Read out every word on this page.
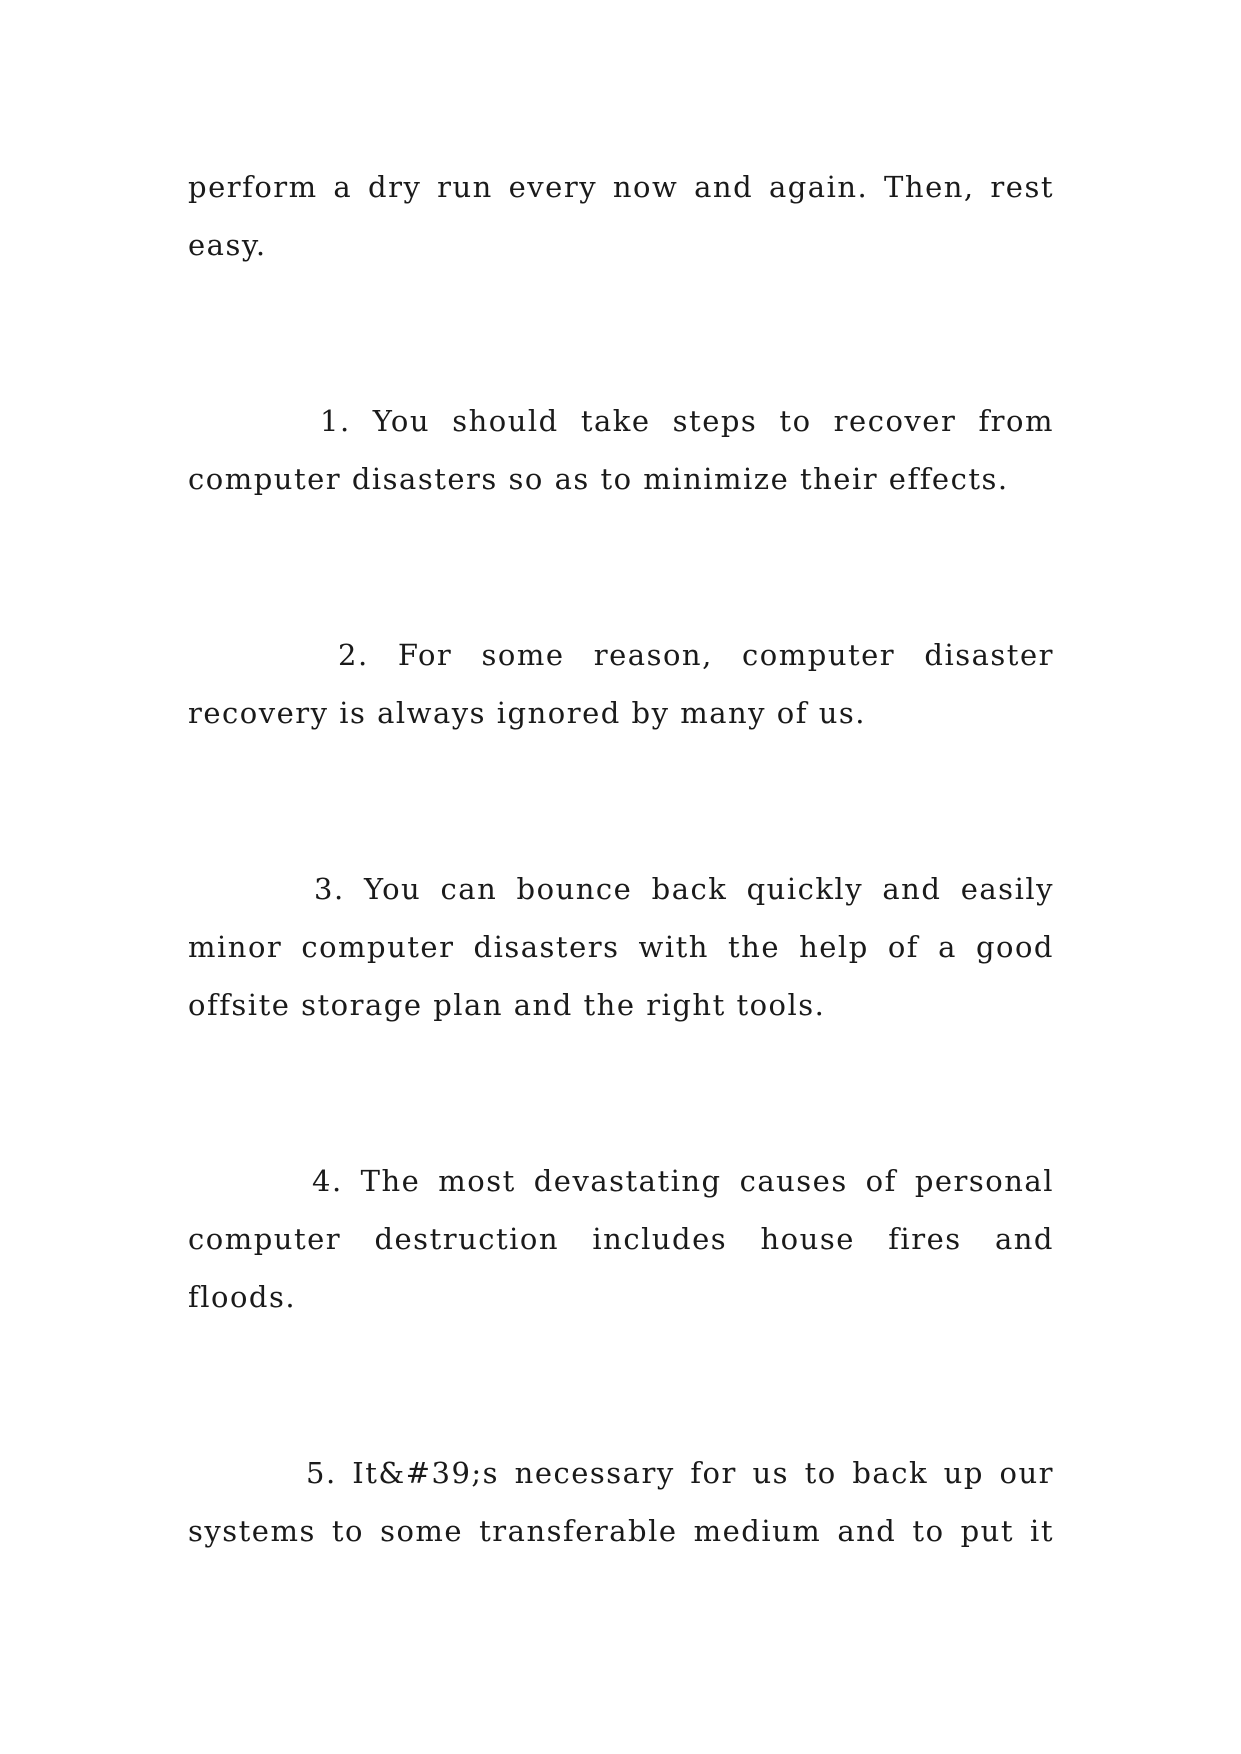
perform a dry run every now and again. Then, rest
easy.
1. You should take steps to recover from
computer disasters so as to minimize their effects.
2. For some reason, computer disaster
recovery is always ignored by many of us.
3. You can bounce back quickly and easily
minor computer disasters with the help of a good
offsite storage plan and the right tools.
4. The most devastating causes of personal
computer destruction includes house fires and
floods.
5. It&#39;s necessary for us to back up our
systems to some transferable medium and to put it
